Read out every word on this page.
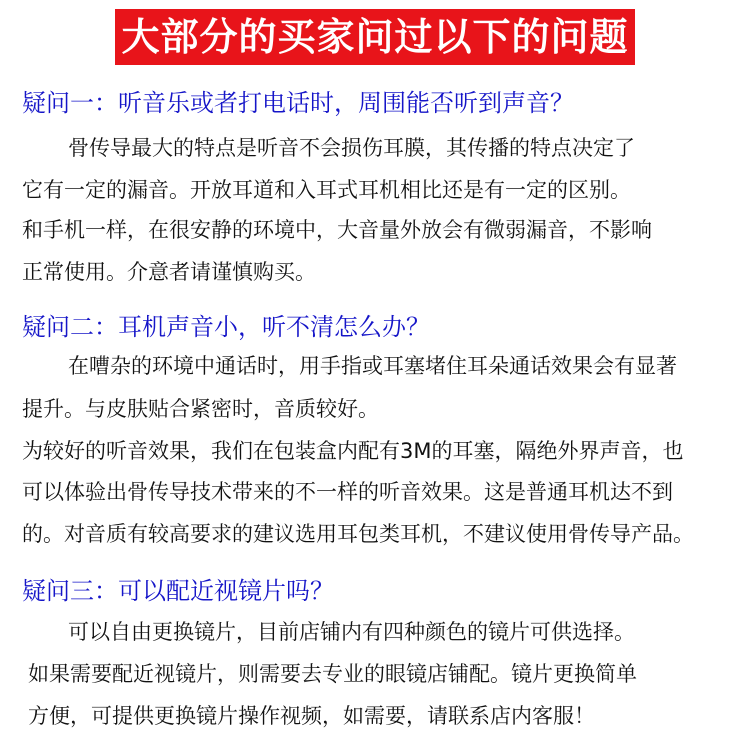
大部分的买家问过以下的问题
疑问一：听音乐或者打电话时，周围能否听到声音？
骨传导最大的特点是听音不会损伤耳膜，其传播的特点决定了
它有一定的漏音。开放耳道和入耳式耳机相比还是有一定的区别。
和手机一样，在很安静的环境中，大音量外放会有微弱漏音，不影响
正常使用。介意者请谨慎购买。
疑问二：耳机声音小，听不清怎么办？
在嘈杂的环境中通话时，用手指或耳塞堵住耳朵通话效果会有显著
提升。与皮肤贴合紧密时，音质较好。
为较好的听音效果，我们在包装盒内配有3M的耳塞，隔绝外界声音，也
可以体验出骨传导技术带来的不一样的听音效果。这是普通耳机达不到
的。对音质有较高要求的建议选用耳包类耳机，不建议使用骨传导产品。
疑问三：可以配近视镜片吗？
可以自由更换镜片，目前店铺内有四种颜色的镜片可供选择。
如果需要配近视镜片，则需要去专业的眼镜店铺配。镜片更换简单
方便，可提供更换镜片操作视频，如需要，请联系店内客服！
